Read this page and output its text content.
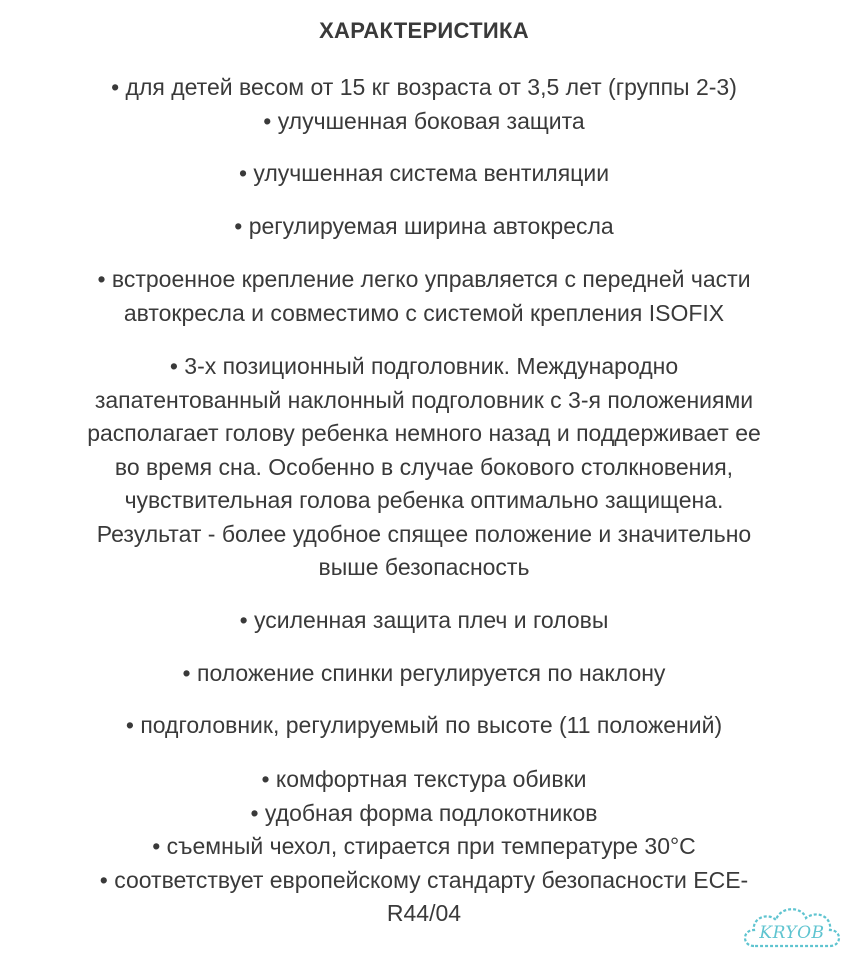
ХАРАКТЕРИСТИКА
• для детей весом от 15 кг возраста от 3,5 лет (группы 2-3)
• улучшенная боковая защита
• улучшенная система вентиляции
• регулируемая ширина автокресла
• встроенное крепление легко управляется с передней части
автокресла и совместимо с системой крепления ISOFIX
• 3-х позиционный подголовник. Международно
запатентованный наклонный подголовник с 3-я положениями
располагает голову ребенка немного назад и поддерживает ее
во время сна. Особенно в случае бокового столкновения,
чувствительная голова ребенка оптимально защищена.
Результат - более удобное спящее положение и значительно
выше безопасность
• усиленная защита плеч и головы
• положение спинки регулируется по наклону
• подголовник, регулируемый по высоте (11 положений)
• комфортная текстура обивки
• удобная форма подлокотников
• съемный чехол, стирается при температуре 30°С
• соответствует европейскому стандарту безопасности ЕСЕ-
R44/04
KRYOB
